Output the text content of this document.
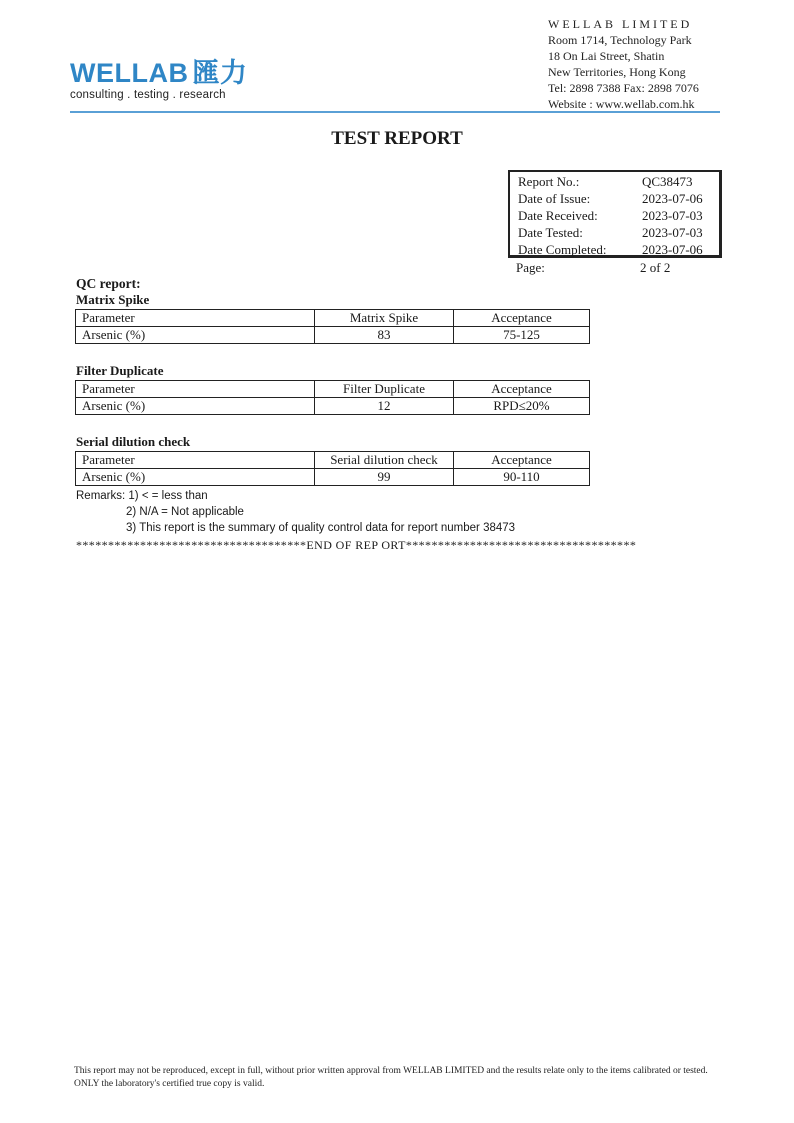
WELLAB 匯力
consulting . testing . research
WELLAB LIMITED
Room 1714, Technology Park
18 On Lai Street, Shatin
New Territories, Hong Kong
Tel: 2898 7388 Fax: 2898 7076
Website : www.wellab.com.hk
TEST REPORT
Report No.:	QC38473
Date of Issue:	2023-07-06
Date Received:	2023-07-03
Date Tested:	2023-07-03
Date Completed:	2023-07-06
Page:	2 of 2
QC report:
Matrix Spike
Parameter	Matrix Spike	Acceptance
Arsenic (%)	83	75-125
Filter Duplicate
Parameter	Filter Duplicate	Acceptance
Arsenic (%)	12	RPD≤20%
Serial dilution check
Parameter	Serial dilution check	Acceptance
Arsenic (%)	99	90-110
Remarks: 1) < = less than
2) N/A = Not applicable
3) This report is the summary of quality control data for report number 38473
************************************END OF REP ORT************************************
This report may not be reproduced, except in full, without prior written approval from WELLAB LIMITED and the results relate only to the items calibrated or tested. ONLY the laboratory's certified true copy is valid.
